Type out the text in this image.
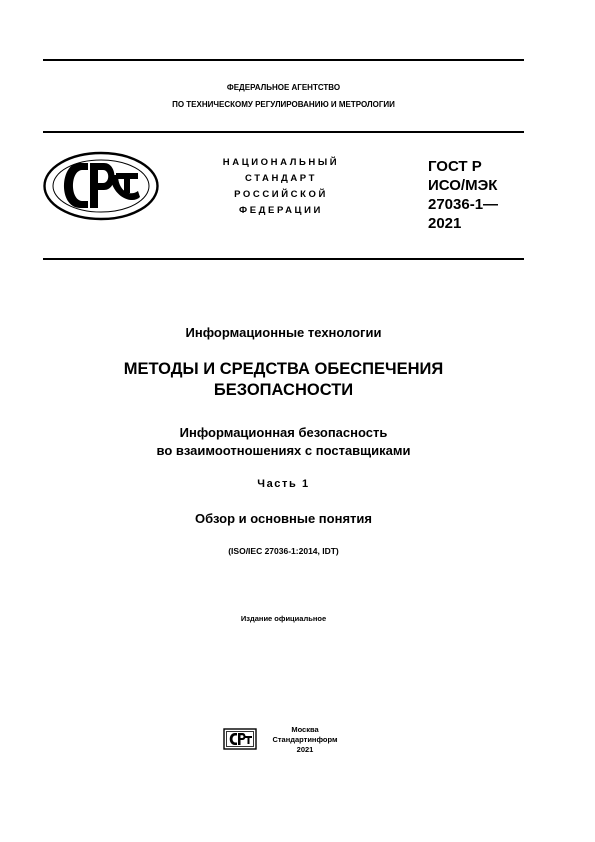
ФЕДЕРАЛЬНОЕ АГЕНТСТВО
ПО ТЕХНИЧЕСКОМУ РЕГУЛИРОВАНИЮ И МЕТРОЛОГИИ
НАЦИОНАЛЬНЫЙ
СТАНДАРТ
РОССИЙСКОЙ
ФЕДЕРАЦИИ
ГОСТ Р
ИСО/МЭК
27036-1—
2021
Информационные технологии
МЕТОДЫ И СРЕДСТВА ОБЕСПЕЧЕНИЯ
БЕЗОПАСНОСТИ
Информационная безопасность
во взаимоотношениях с поставщиками
Часть 1
Обзор и основные понятия
(ISO/IEC 27036-1:2014, IDT)
Издание официальное
Москва
Стандартинформ
2021
